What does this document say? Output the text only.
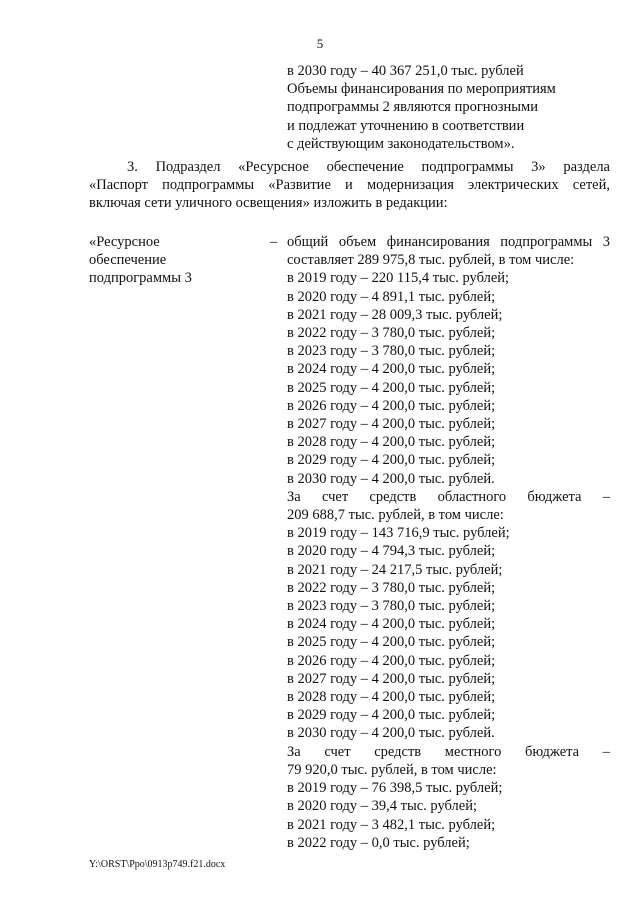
5
в 2030 году – 40 367 251,0 тыс. рублей
Объемы финансирования по мероприятиям
подпрограммы 2 являются прогнозными
и подлежат уточнению в соответствии
с действующим законодательством».
3. Подраздел «Ресурсное обеспечение подпрограммы 3» раздела
«Паспорт подпрограммы «Развитие и модернизация электрических сетей,
включая сети уличного освещения» изложить в редакции:
«Ресурсное
обеспечение
подпрограммы 3
– общий объем финансирования подпрограммы 3
составляет 289 975,8 тыс. рублей, в том числе:
в 2019 году – 220 115,4 тыс. рублей;
в 2020 году – 4 891,1 тыс. рублей;
в 2021 году – 28 009,3 тыс. рублей;
в 2022 году – 3 780,0 тыс. рублей;
в 2023 году – 3 780,0 тыс. рублей;
в 2024 году – 4 200,0 тыс. рублей;
в 2025 году – 4 200,0 тыс. рублей;
в 2026 году – 4 200,0 тыс. рублей;
в 2027 году – 4 200,0 тыс. рублей;
в 2028 году – 4 200,0 тыс. рублей;
в 2029 году – 4 200,0 тыс. рублей;
в 2030 году – 4 200,0 тыс. рублей.
За счет средств областного бюджета –
209 688,7 тыс. рублей, в том числе:
в 2019 году – 143 716,9 тыс. рублей;
в 2020 году – 4 794,3 тыс. рублей;
в 2021 году – 24 217,5 тыс. рублей;
в 2022 году – 3 780,0 тыс. рублей;
в 2023 году – 3 780,0 тыс. рублей;
в 2024 году – 4 200,0 тыс. рублей;
в 2025 году – 4 200,0 тыс. рублей;
в 2026 году – 4 200,0 тыс. рублей;
в 2027 году – 4 200,0 тыс. рублей;
в 2028 году – 4 200,0 тыс. рублей;
в 2029 году – 4 200,0 тыс. рублей;
в 2030 году – 4 200,0 тыс. рублей.
За счет средств местного бюджета –
79 920,0 тыс. рублей, в том числе:
в 2019 году – 76 398,5 тыс. рублей;
в 2020 году – 39,4 тыс. рублей;
в 2021 году – 3 482,1 тыс. рублей;
в 2022 году – 0,0 тыс. рублей;
Y:\ORST\Ppo\0913p749.f21.docx
